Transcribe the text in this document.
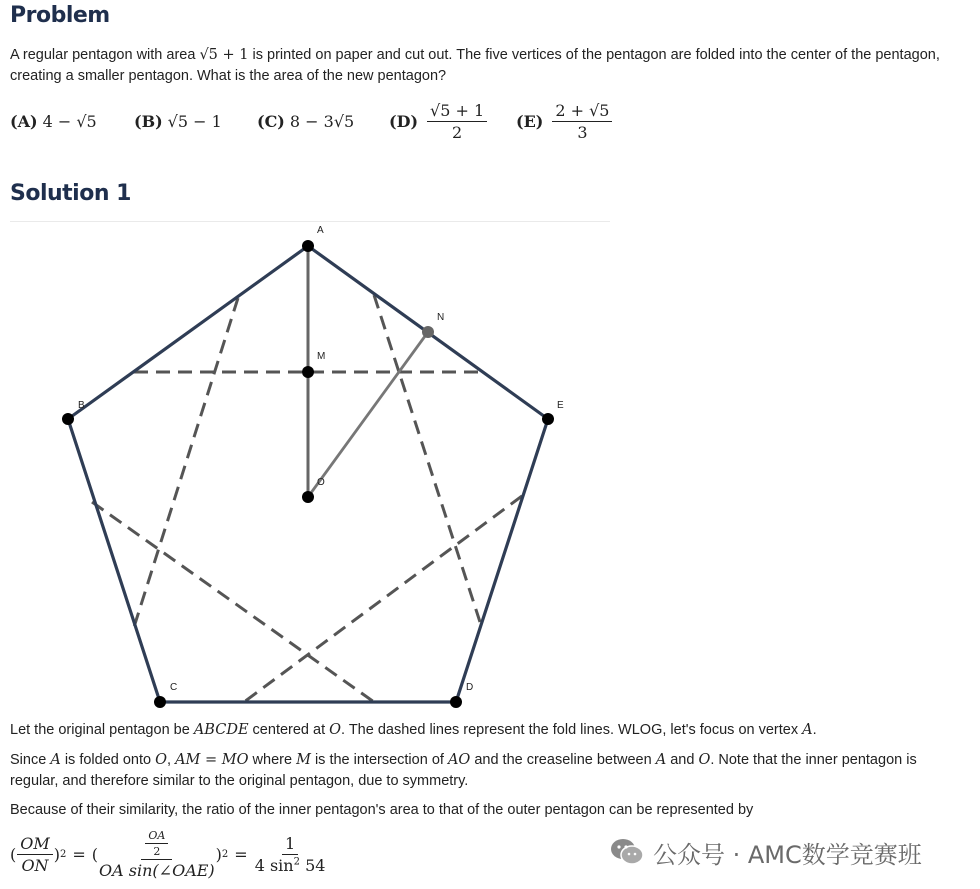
Problem

A regular pentagon with area √5 + 1 is printed on paper and cut out. The five vertices of the pentagon are folded into the center of the pentagon, creating a smaller pentagon. What is the area of the new pentagon?

(A) 4 − √5 (B) √5 − 1 (C) 8 − 3√5 $(D) \frac{√5 + 1}{2} (E) \frac{2 + √5}{3}$
Solution 1
A
B
C	D
E
M
N
O

Let the original pentagon be ABCDE centered at O. The dashed lines represent the fold lines. WLOG, let's focus on vertex A.

Since A is folded onto O, AM = MO where M is the intersection of AO and the creaseline between A and O. Note that the inner pentagon is regular, and therefore similar to the original pentagon, due to symmetry.

Because of their similarity, the ratio of the inner pentagon's area to that of the outer pentagon can be represented by

( $\frac{OM}{ON}$ ) 2 = ( $\frac{\frac{OA}{2}}{\text{OA sin(∠OAE)}}$ ) $2 = \frac{1}{4 \sin^2 54}$	公众号 · AMC数学竞赛班
